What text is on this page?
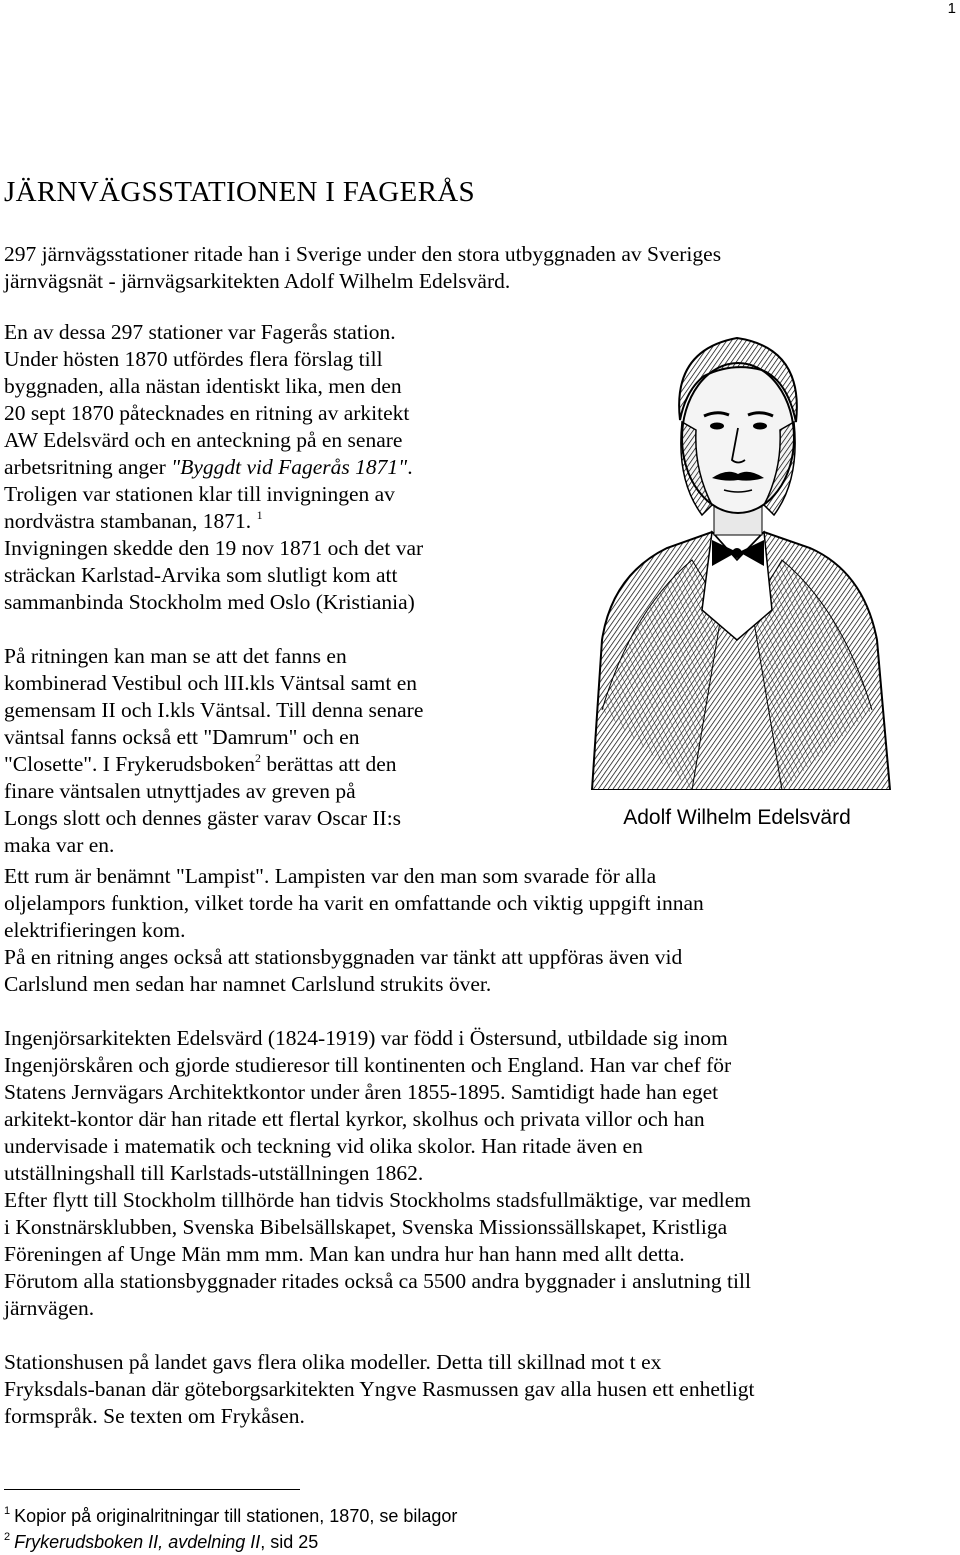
1
JÄRNVÄGSSTATIONEN I FAGERÅS

297 järnvägsstationer ritade han i Sverige under den stora utbyggnaden av Sveriges
järnvägsnät - järnvägsarkitekten Adolf Wilhelm Edelsvärd.

En av dessa 297 stationer var Fagerås station.
Under hösten 1870 utfördes flera förslag till
byggnaden, alla nästan identiskt lika, men den
20 sept 1870 påtecknades en ritning av arkitekt
AW Edelsvärd och en anteckning på en senare
arbetsritning anger "Byggdt vid Fagerås 1871".
Troligen var stationen klar till invigningen av
nordvästra stambanan, 1871. $^1$
Invigningen skedde den 19 nov 1871 och det var
sträckan Karlstad-Arvika som slutligt kom att
sammanbinda Stockholm med Oslo (Kristiania)
På ritningen kan man se att det fanns en
kombinerad Vestibul och lII.kls Väntsal samt en
gemensam II och I.kls Väntsal. Till denna senare
väntsal fanns också ett "Damrum" och en
"Closette". I Frykerudsboken$^2$ berättas att den
finare väntsalen utnyttjades av greven på
Longs slott och dennes gäster varav Oscar II:s
maka var en.
Adolf Wilhelm Edelsvärd
Ett rum är benämnt "Lampist". Lampisten var den man som svarade för alla
oljelampors funktion, vilket torde ha varit en omfattande och viktig uppgift innan
elektrifieringen kom.
På en ritning anges också att stationsbyggnaden var tänkt att uppföras även vid
Carlslund men sedan har namnet Carlslund strukits över.
Ingenjörsarkitekten Edelsvärd (1824-1919) var född i Östersund, utbildade sig inom
Ingenjörskåren och gjorde studieresor till kontinenten och England. Han var chef för
Statens Jernvägars Architektkontor under åren 1855-1895. Samtidigt hade han eget
arkitekt-kontor där han ritade ett flertal kyrkor, skolhus och privata villor och han
undervisade i matematik och teckning vid olika skolor. Han ritade även en
utställningshall till Karlstads-utställningen 1862.
Efter flytt till Stockholm tillhörde han tidvis Stockholms stadsfullmäktige, var medlem
i Konstnärsklubben, Svenska Bibelsällskapet, Svenska Missionssällskapet, Kristliga
Föreningen af Unge Män mm mm. Man kan undra hur han hann med allt detta.
Förutom alla stationsbyggnader ritades också ca 5500 andra byggnader i anslutning till
järnvägen.
Stationshusen på landet gavs flera olika modeller. Detta till skillnad mot t ex
Fryksdals-banan där göteborgsarkitekten Yngve Rasmussen gav alla husen ett enhetligt
formspråk. Se texten om Frykåsen.
$^1$ Kopior på originalritningar till stationen, 1870, se bilagor
$^2$ Frykerudsboken II, avdelning II, sid 25
